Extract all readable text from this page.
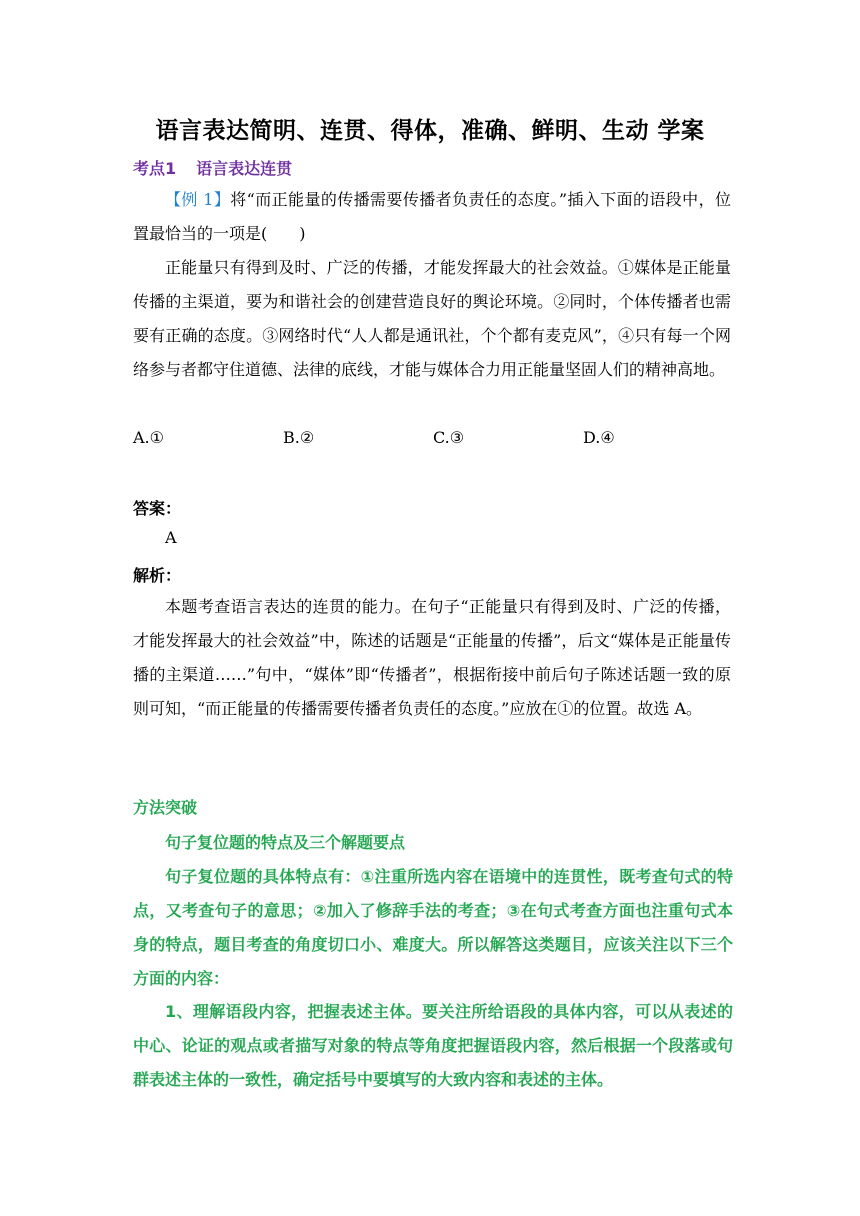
语言表达简明、连贯、得体，准确、鲜明、生动 学案
考点1 语言表达连贯
【例 1】将“而正能量的传播需要传播者负责任的态度。”插入下面的语段中，位置最恰当的一项是(　　)
正能量只有得到及时、广泛的传播，才能发挥最大的社会效益。①媒体是正能量传播的主渠道，要为和谐社会的创建营造良好的舆论环境。②同时，个体传播者也需要有正确的态度。③网络时代“人人都是通讯社，个个都有麦克风”，④只有每一个网络参与者都守住道德、法律的底线，才能与媒体合力用正能量坚固人们的精神高地。
A.①	B.②	C.③	D.④
答案：
A
解析：
本题考查语言表达的连贯的能力。在句子“正能量只有得到及时、广泛的传播，才能发挥最大的社会效益”中，陈述的话题是“正能量的传播”，后文“媒体是正能量传播的主渠道……”句中，“媒体”即“传播者”，根据衔接中前后句子陈述话题一致的原则可知，“而正能量的传播需要传播者负责任的态度。”应放在①的位置。故选 A。
方法突破
句子复位题的特点及三个解题要点
句子复位题的具体特点有：①注重所选内容在语境中的连贯性，既考查句式的特点，又考查句子的意思；②加入了修辞手法的考查；③在句式考查方面也注重句式本身的特点，题目考查的角度切口小、难度大。所以解答这类题目，应该关注以下三个方面的内容：
1、理解语段内容，把握表述主体。要关注所给语段的具体内容，可以从表述的中心、论证的观点或者描写对象的特点等角度把握语段内容，然后根据一个段落或句群表述主体的一致性，确定括号中要填写的大致内容和表述的主体。
